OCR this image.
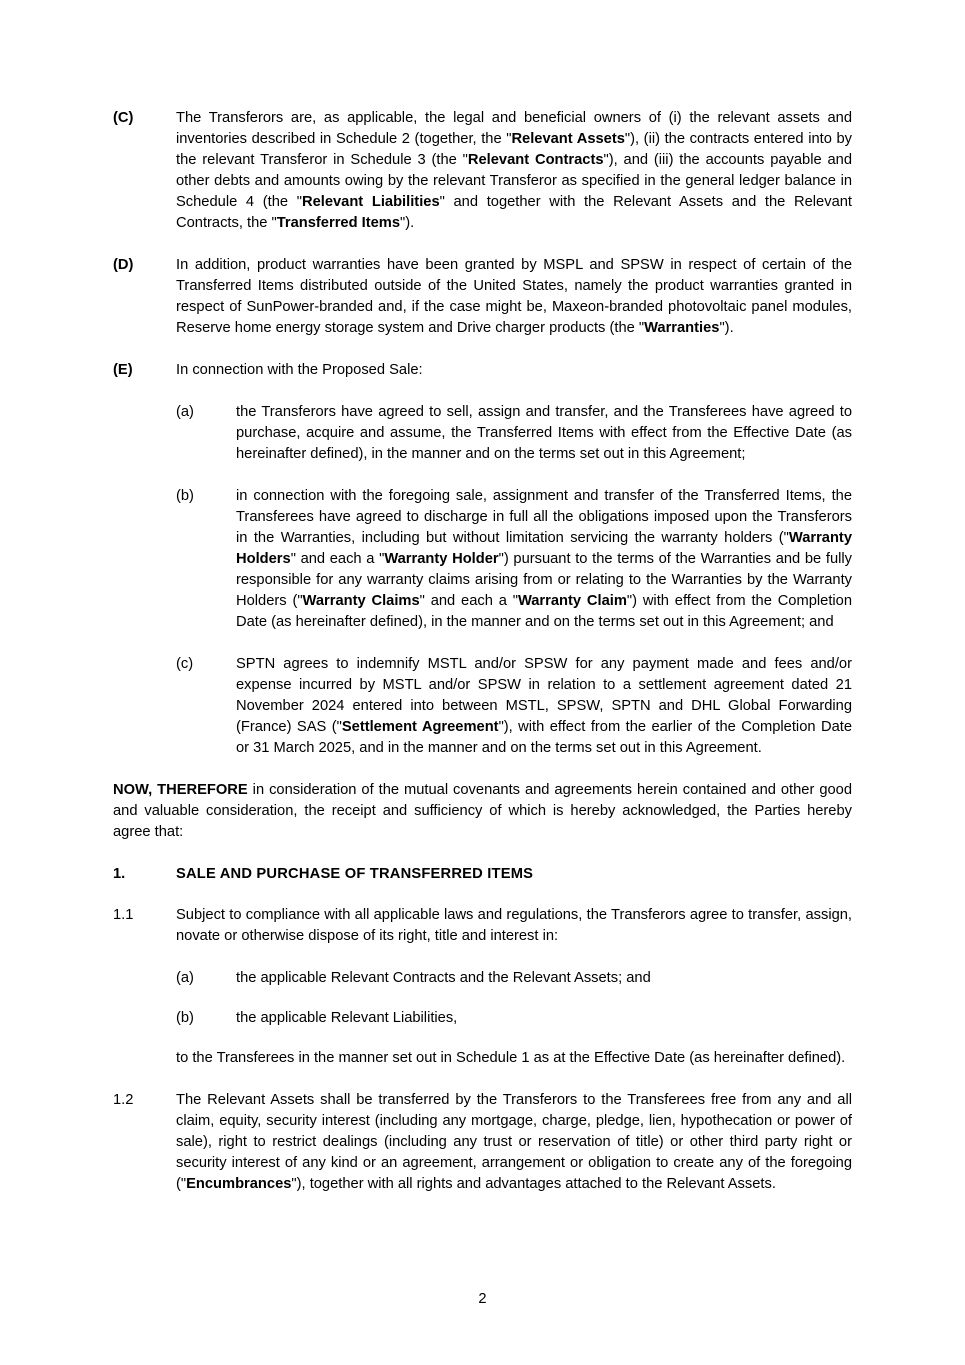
(C)	The Transferors are, as applicable, the legal and beneficial owners of (i) the relevant assets and inventories described in Schedule 2 (together, the "Relevant Assets"), (ii) the contracts entered into by the relevant Transferor in Schedule 3 (the "Relevant Contracts"), and (iii) the accounts payable and other debts and amounts owing by the relevant Transferor as specified in the general ledger balance in Schedule 4 (the "Relevant Liabilities" and together with the Relevant Assets and the Relevant Contracts, the "Transferred Items").
(D)	In addition, product warranties have been granted by MSPL and SPSW in respect of certain of the Transferred Items distributed outside of the United States, namely the product warranties granted in respect of SunPower-branded and, if the case might be, Maxeon-branded photovoltaic panel modules, Reserve home energy storage system and Drive charger products (the "Warranties").
(E)	In connection with the Proposed Sale:
(a)	the Transferors have agreed to sell, assign and transfer, and the Transferees have agreed to purchase, acquire and assume, the Transferred Items with effect from the Effective Date (as hereinafter defined), in the manner and on the terms set out in this Agreement;
(b)	in connection with the foregoing sale, assignment and transfer of the Transferred Items, the Transferees have agreed to discharge in full all the obligations imposed upon the Transferors in the Warranties, including but without limitation servicing the warranty holders ("Warranty Holders" and each a "Warranty Holder") pursuant to the terms of the Warranties and be fully responsible for any warranty claims arising from or relating to the Warranties by the Warranty Holders ("Warranty Claims" and each a "Warranty Claim") with effect from the Completion Date (as hereinafter defined), in the manner and on the terms set out in this Agreement; and
(c)	SPTN agrees to indemnify MSTL and/or SPSW for any payment made and fees and/or expense incurred by MSTL and/or SPSW in relation to a settlement agreement dated 21 November 2024 entered into between MSTL, SPSW, SPTN and DHL Global Forwarding (France) SAS ("Settlement Agreement"), with effect from the earlier of the Completion Date or 31 March 2025, and in the manner and on the terms set out in this Agreement.
NOW, THEREFORE in consideration of the mutual covenants and agreements herein contained and other good and valuable consideration, the receipt and sufficiency of which is hereby acknowledged, the Parties hereby agree that:
1.	SALE AND PURCHASE OF TRANSFERRED ITEMS
1.1	Subject to compliance with all applicable laws and regulations, the Transferors agree to transfer, assign, novate or otherwise dispose of its right, title and interest in:
(a)	the applicable Relevant Contracts and the Relevant Assets; and
(b)	the applicable Relevant Liabilities,
to the Transferees in the manner set out in Schedule 1 as at the Effective Date (as hereinafter defined).
1.2	The Relevant Assets shall be transferred by the Transferors to the Transferees free from any and all claim, equity, security interest (including any mortgage, charge, pledge, lien, hypothecation or power of sale), right to restrict dealings (including any trust or reservation of title) or other third party right or security interest of any kind or an agreement, arrangement or obligation to create any of the foregoing ("Encumbrances"), together with all rights and advantages attached to the Relevant Assets.
2
